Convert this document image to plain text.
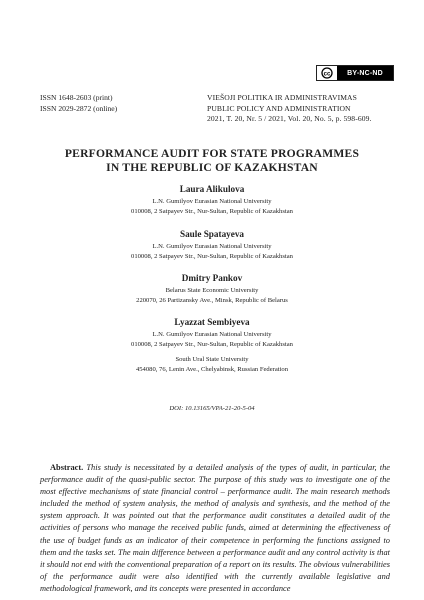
cc	BY-NC-ND
ISSN 1648-2603 (print)
ISSN 2029-2872 (online)
VIEŠOJI POLITIKA IR ADMINISTRAVIMAS
PUBLIC POLICY AND ADMINISTRATION
2021, T. 20, Nr. 5 / 2021, Vol. 20, No. 5, p. 598-609.
PERFORMANCE AUDIT FOR STATE PROGRAMMES
IN THE REPUBLIC OF KAZAKHSTAN
Laura Alikulova
L.N. Gumilyov Eurasian National University
010008, 2 Satpayev Str., Nur-Sultan, Republic of Kazakhstan
Saule Spatayeva
L.N. Gumilyov Eurasian National University
010008, 2 Satpayev Str., Nur-Sultan, Republic of Kazakhstan
Dmitry Pankov
Belarus State Economic University
220070, 26 Partizansky Ave., Minsk, Republic of Belarus
Lyazzat Sembiyeva
L.N. Gumilyov Eurasian National University
010008, 2 Satpayev Str., Nur-Sultan, Republic of Kazakhstan
South Ural State University
454080, 76, Lenin Ave., Chelyabinsk, Russian Federation
DOI: 10.13165/VPA-21-20-5-04
Abstract. This study is necessitated by a detailed analysis of the types of audit, in particular, the performance audit of the quasi-public sector. The purpose of this study was to investigate one of the most effective mechanisms of state financial control – performance audit. The main research methods included the method of system analysis, the method of analysis and synthesis, and the method of the system approach. It was pointed out that the performance audit constitutes a detailed audit of the activities of persons who manage the received public funds, aimed at determining the effectiveness of the use of budget funds as an indicator of their competence in performing the functions assigned to them and the tasks set. The main difference between a performance audit and any control activity is that it should not end with the conventional preparation of a report on its results. The obvious vulnerabilities of the performance audit were also identified with the currently available legislative and methodological framework, and its concepts were presented in accordance
